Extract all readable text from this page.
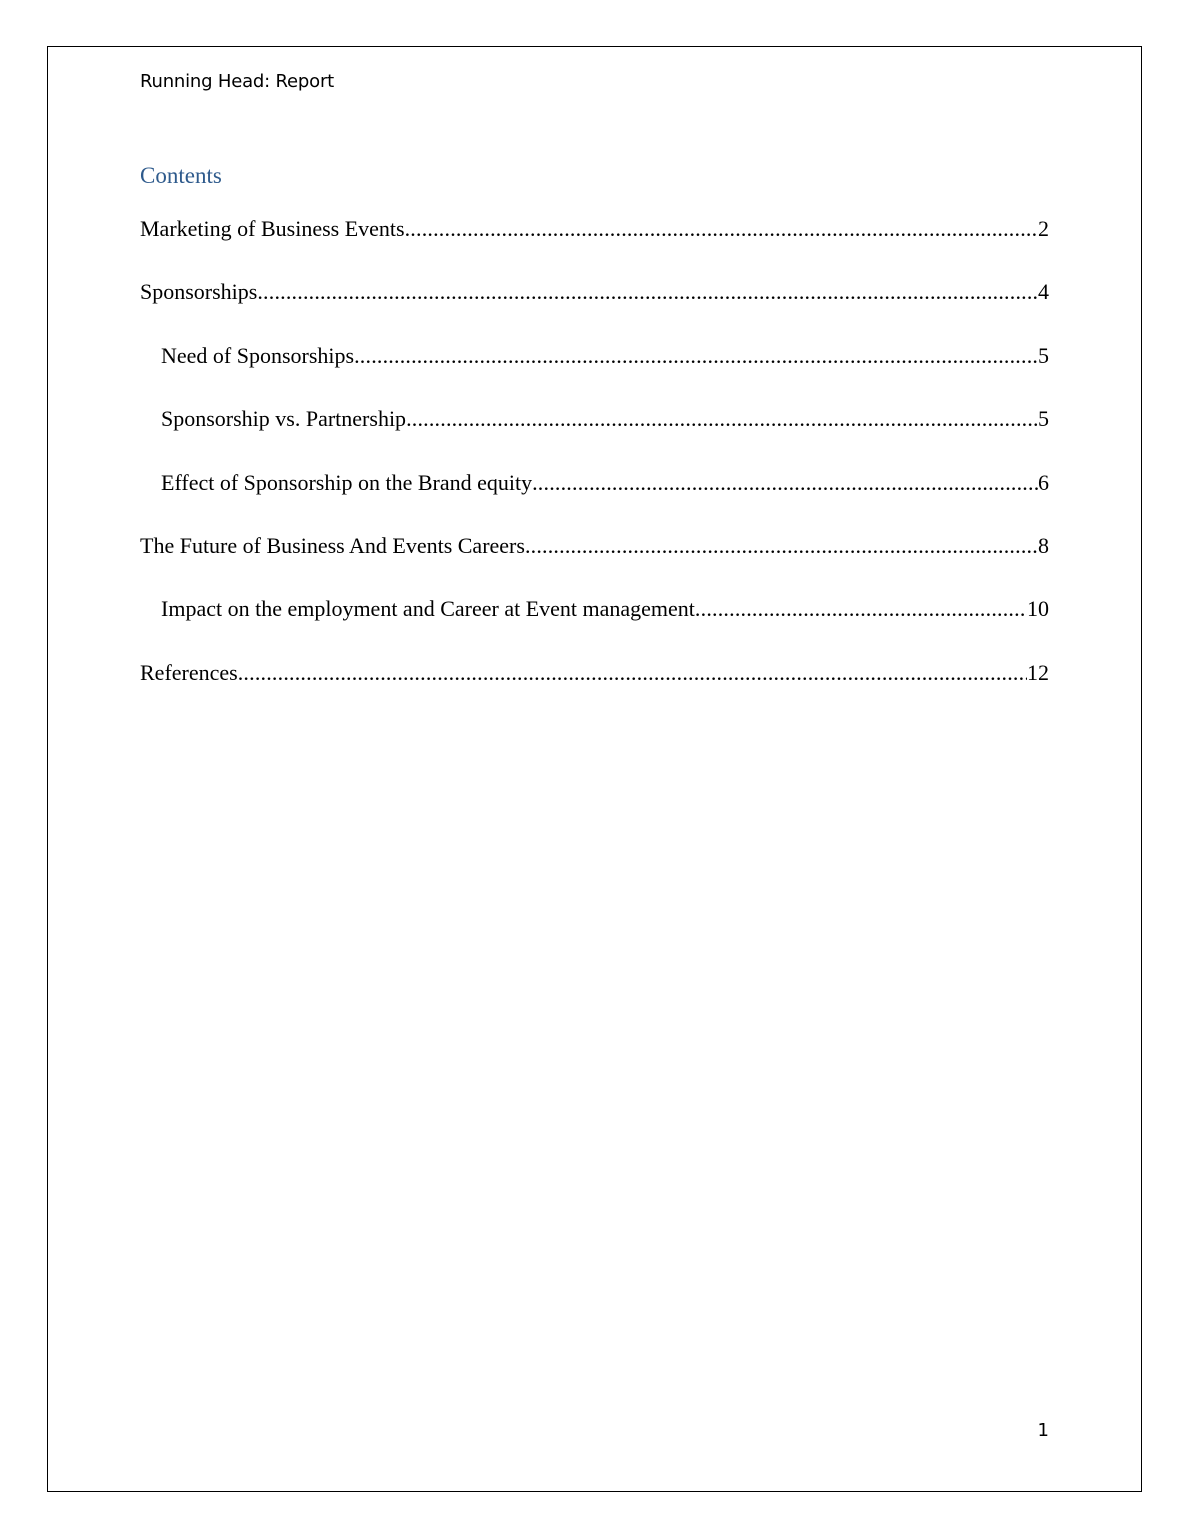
Running Head: Report
Contents
Marketing of Business Events .....	2
Sponsorships .....	4
Need of Sponsorships .....	5
Sponsorship vs. Partnership .....	5
Effect of Sponsorship on the Brand equity .....	6
The Future of Business And Events Careers .....	8
Impact on the employment and Career at Event management .....	10
References .....	12
1
